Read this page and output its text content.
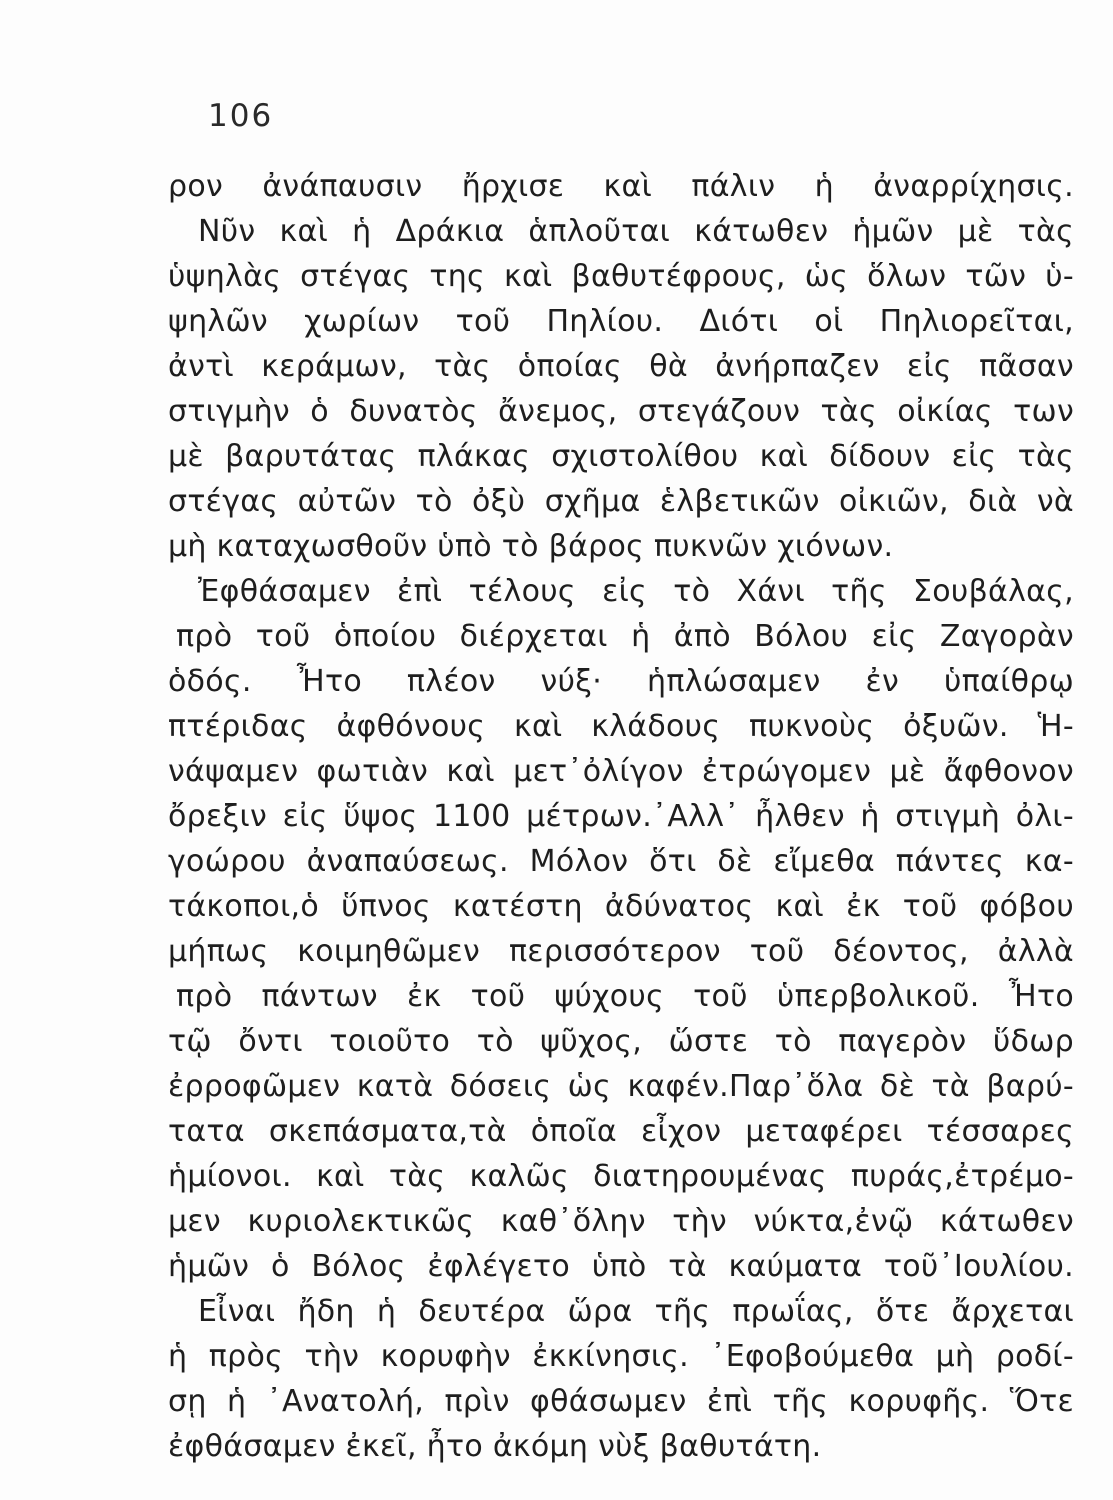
106
ρον ἀνάπαυσιν ἤρχισε καὶ πάλιν ἡ ἀναρρίχησις.
Νῦν καὶ ἡ Δράκια ἁπλοῦται κάτωθεν ἡμῶν μὲ τὰς
ὑψηλὰς στέγας της καὶ βαθυτέφρους, ὡς ὅλων τῶν ὑ-
ψηλῶν χωρίων τοῦ Πηλίου. Διότι οἱ Πηλιορεῖται,
ἀντὶ κεράμων, τὰς ὁποίας θὰ ἀνήρπαζεν εἰς πᾶσαν
στιγμὴν ὁ δυνατὸς ἄνεμος, στεγάζουν τὰς οἰκίας των
μὲ βαρυτάτας πλάκας σχιστολίθου καὶ δίδουν εἰς τὰς
στέγας αὐτῶν τὸ ὀξὺ σχῆμα ἑλβετικῶν οἰκιῶν, διὰ νὰ
μὴ καταχωσθοῦν ὑπὸ τὸ βάρος πυκνῶν χιόνων.
Ἐφθάσαμεν ἐπὶ τέλους εἰς τὸ Χάνι τῆς Σουβάλας,
πρὸ τοῦ ὁποίου διέρχεται ἡ ἀπὸ Βόλου εἰς Ζαγορὰν
ὁδός. Ἦτο πλέον νύξ· ἡπλώσαμεν ἐν ὑπαίθρῳ
πτέριδας ἀφθόνους καὶ κλάδους πυκνοὺς ὀξυῶν. Ἡ-
νάψαμεν φωτιὰν καὶ μετ᾽ὀλίγον ἐτρώγομεν μὲ ἄφθονον
ὄρεξιν εἰς ὕψος 1100 μέτρων.᾽Αλλ᾽ ἦλθεν ἡ στιγμὴ ὀλι-
γοώρου ἀναπαύσεως. Μόλον ὅτι δὲ εἴμεθα πάντες κα-
τάκοποι,ὁ ὕπνος κατέστη ἀδύνατος καὶ ἐκ τοῦ φόβου
μήπως κοιμηθῶμεν περισσότερον τοῦ δέοντος, ἀλλὰ
πρὸ πάντων ἐκ τοῦ ψύχους τοῦ ὑπερβολικοῦ. Ἦτο
τῷ ὄντι τοιοῦτο τὸ ψῦχος, ὥστε τὸ παγερὸν ὕδωρ
ἐρροφῶμεν κατὰ δόσεις ὡς καφέν.Παρ᾽ὅλα δὲ τὰ βαρύ-
τατα σκεπάσματα,τὰ ὁποῖα εἶχον μεταφέρει τέσσαρες
ἡμίονοι. καὶ τὰς καλῶς διατηρουμένας πυράς,ἐτρέμο-
μεν κυριολεκτικῶς καθ᾽ὅλην τὴν νύκτα,ἐνῷ κάτωθεν
ἡμῶν ὁ Βόλος ἐφλέγετο ὑπὸ τὰ καύματα τοῦ᾽Ιουλίου.
Εἶναι ἤδη ἡ δευτέρα ὥρα τῆς πρωΐας, ὅτε ἄρχεται
ἡ πρὸς τὴν κορυφὴν ἐκκίνησις. ᾽Εφοβούμεθα μὴ ροδί-
σῃ ἡ ᾽Ανατολή, πρὶν φθάσωμεν ἐπὶ τῆς κορυφῆς. Ὅτε
ἐφθάσαμεν ἐκεῖ, ἦτο ἀκόμη νὺξ βαθυτάτη.
